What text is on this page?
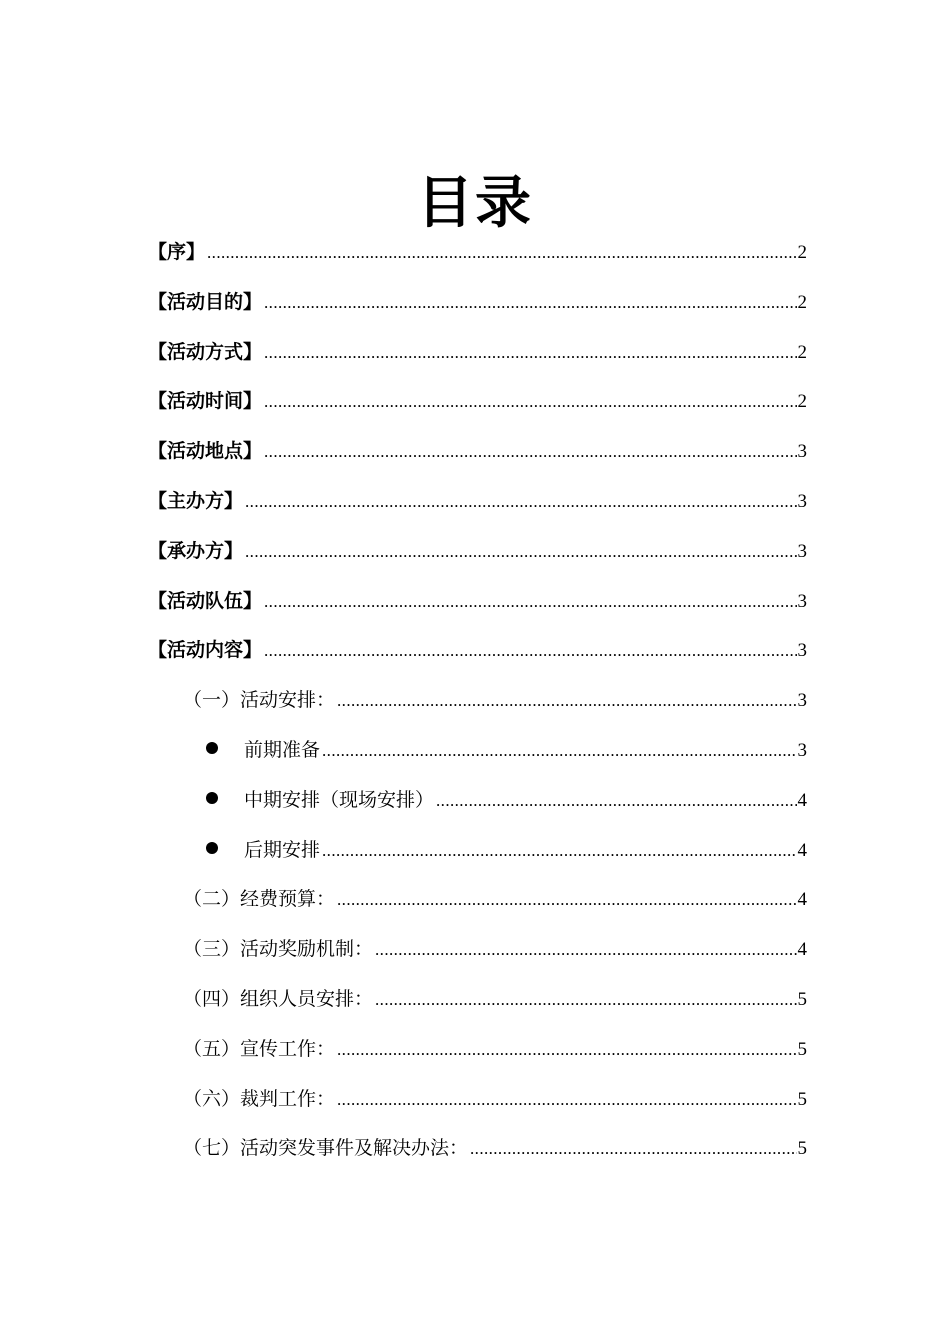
目录
【序】 .....	2
【活动目的】 .....	2
【活动方式】 .....	2
【活动时间】 .....	2
【活动地点】 .....	3
【主办方】 .....	3
【承办方】 .....	3
【活动队伍】 .....	3
【活动内容】 .....	3
（一）活动安排： .....	3
前期准备 .....	3
中期安排（现场安排） .....	4
后期安排 .....	4
（二）经费预算： .....	4
（三）活动奖励机制： .....	4
（四）组织人员安排： .....	5
（五）宣传工作： .....	5
（六）裁判工作： .....	5
（七）活动突发事件及解决办法： .....	5
